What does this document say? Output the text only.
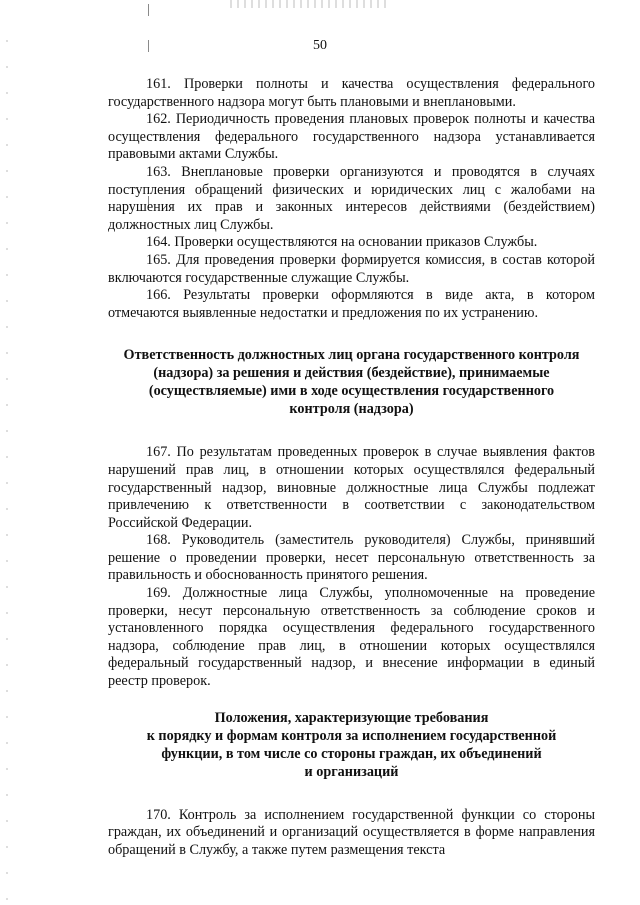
50

161. Проверки полноты и качества осуществления федерального государственного надзора могут быть плановыми и внеплановыми.

162. Периодичность проведения плановых проверок полноты и качества осуществления федерального государственного надзора устанавливается правовыми актами Службы.

163. Внеплановые проверки организуются и проводятся в случаях поступления обращений физических и юридических лиц с жалобами на нарушения их прав и законных интересов действиями (бездействием) должностных лиц Службы.

164. Проверки осуществляются на основании приказов Службы.

165. Для проведения проверки формируется комиссия, в состав которой включаются государственные служащие Службы.

166. Результаты проверки оформляются в виде акта, в котором отмечаются выявленные недостатки и предложения по их устранению.

Ответственность должностных лиц органа государственного контроля
(надзора) за решения и действия (бездействие), принимаемые
(осуществляемые) ими в ходе осуществления государственного
контроля (надзора)

167. По результатам проведенных проверок в случае выявления фактов нарушений прав лиц, в отношении которых осуществлялся федеральный государственный надзор, виновные должностные лица Службы подлежат привлечению к ответственности в соответствии с законодательством Российской Федерации.

168. Руководитель (заместитель руководителя) Службы, принявший решение о проведении проверки, несет персональную ответственность за правильность и обоснованность принятого решения.

169. Должностные лица Службы, уполномоченные на проведение проверки, несут персональную ответственность за соблюдение сроков и установленного порядка осуществления федерального государственного надзора, соблюдение прав лиц, в отношении которых осуществлялся федеральный государственный надзор, и внесение информации в единый реестр проверок.

Положения, характеризующие требования
к порядку и формам контроля за исполнением государственной
функции, в том числе со стороны граждан, их объединений
и организаций

170. Контроль за исполнением государственной функции со стороны граждан, их объединений и организаций осуществляется в форме направления обращений в Службу, а также путем размещения текста
